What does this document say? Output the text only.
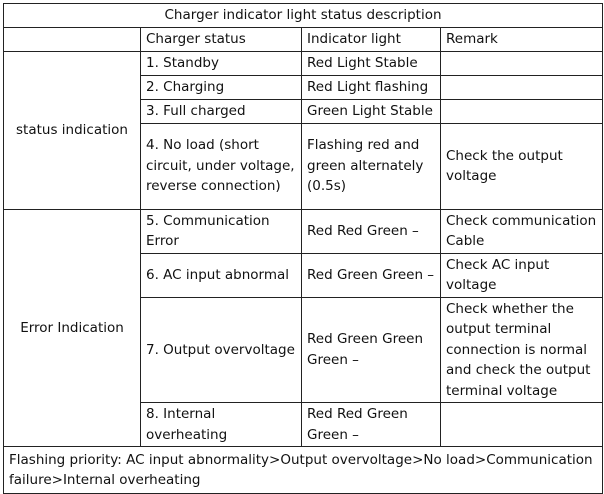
Charger indicator light status description			
	Charger status	Indicator light	Remark
status indication	1. Standby	Red Light Stable	
	2. Charging	Red Light flashing	
	3. Full charged	Green Light Stable	
	4. No load (short circuit, under voltage, reverse connection)	Flashing red and green alternately (0.5s)	Check the output voltage
Error Indication	5. Communication Error	Red Red Green –	Check communication Cable
	6. AC input abnormal	Red Green Green –	Check AC input voltage
	7. Output overvoltage	Red Green Green Green –	Check whether the output terminal connection is normal and check the output terminal voltage
	8. Internal overheating	Red Red Green Green –	
Flashing priority: AC input abnormality>Output overvoltage>No load>Communication failure>Internal overheating			
